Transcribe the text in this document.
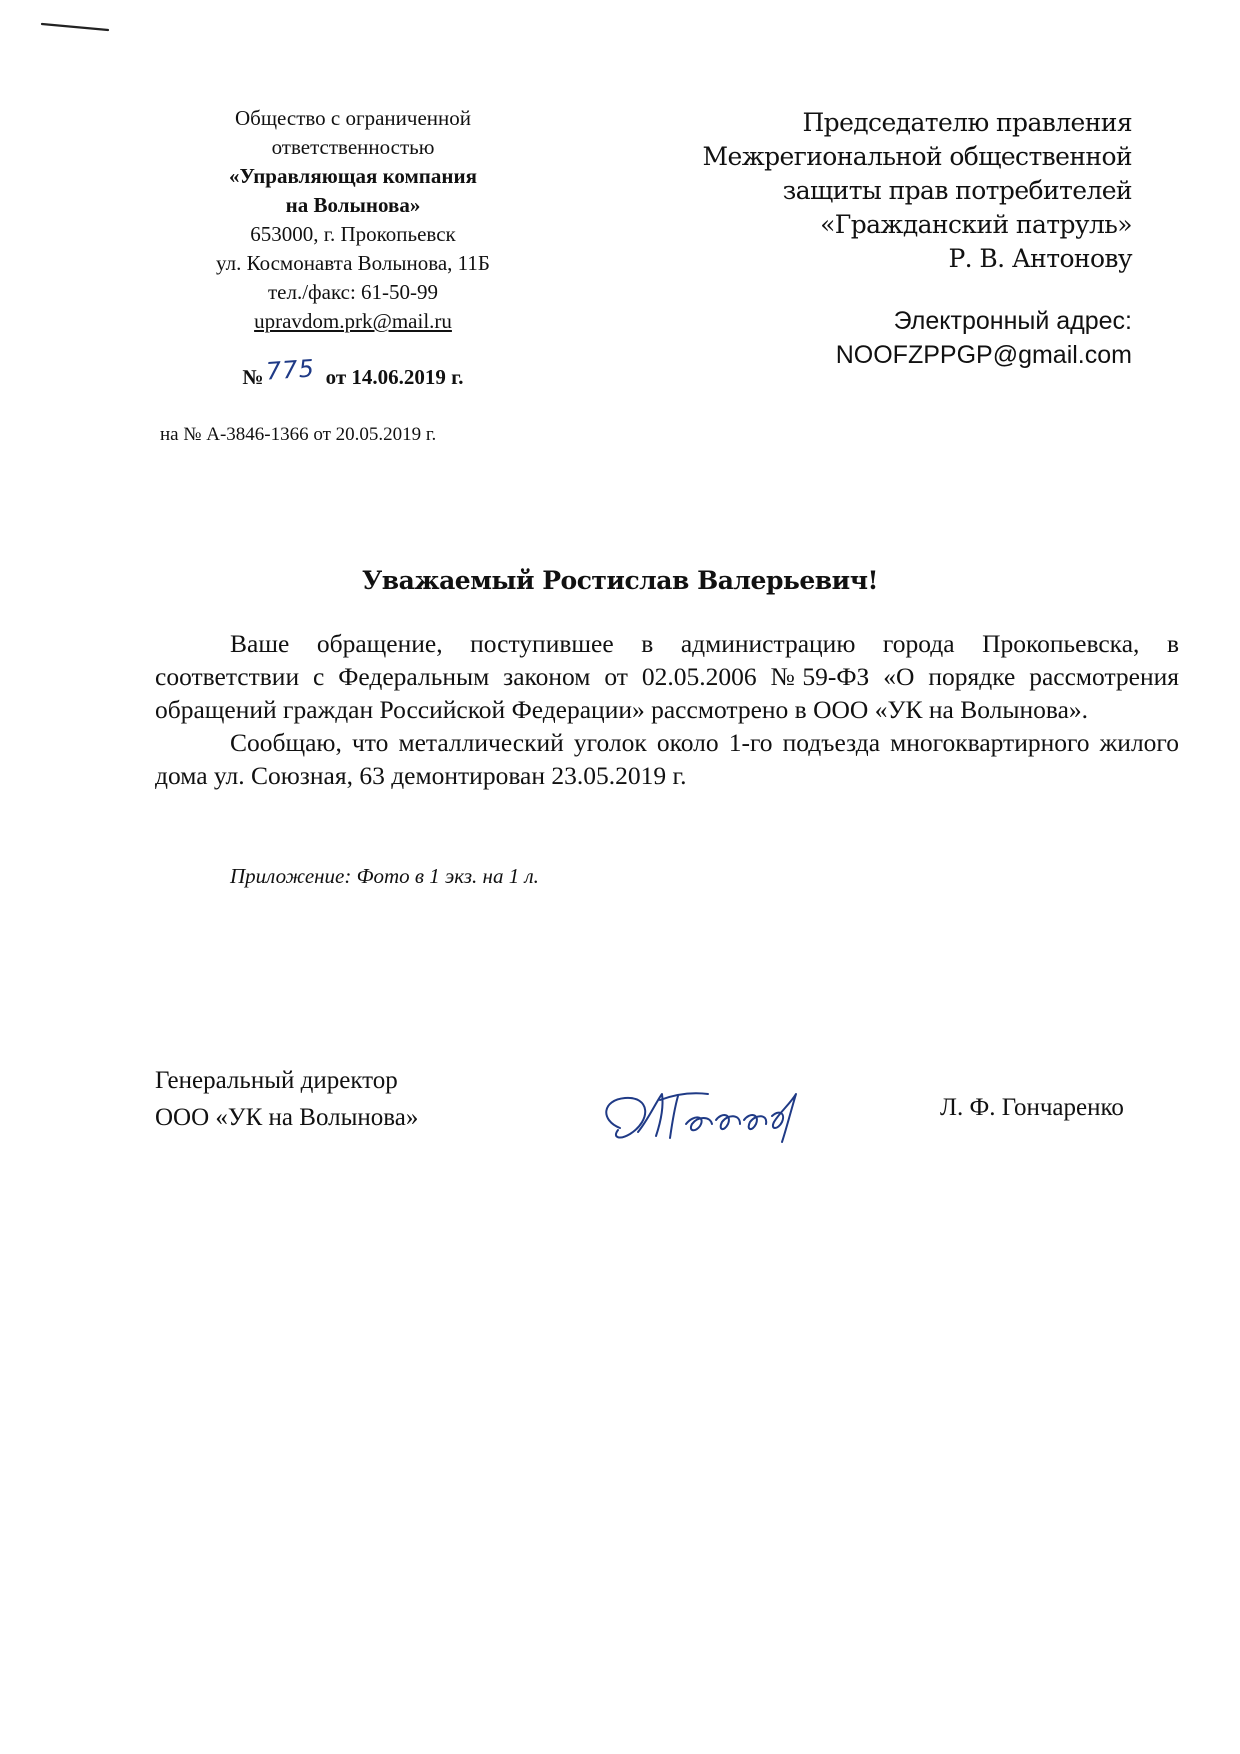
Общество с ограниченной
ответственностью
«Управляющая компания
на Волынова»
653000, г. Прокопьевск
ул. Космонавта Волынова, 11Б
тел./факс: 61-50-99
upravdom.prk@mail.ru
№775 от 14.06.2019 г.
на № А-3846-1366 от 20.05.2019 г.
Председателю правления
Межрегиональной общественной
защиты прав потребителей
«Гражданский патруль»
Р. В. Антонову
Электронный адрес:
NOOFZPPGP@gmail.com
Уважаемый Ростислав Валерьевич!

Ваше обращение, поступившее в администрацию города Прокопьевска, в соответствии с Федеральным законом от 02.05.2006 №59-ФЗ «О порядке рассмотрения обращений граждан Российской Федерации» рассмотрено в ООО «УК на Волынова».

Сообщаю, что металлический уголок около 1-го подъезда многоквартирного жилого дома ул. Союзная, 63 демонтирован 23.05.2019 г.

Приложение: Фото в 1 экз. на 1 л.
Генеральный директор
ООО «УК на Волынова»	Л. Ф. Гончаренко
